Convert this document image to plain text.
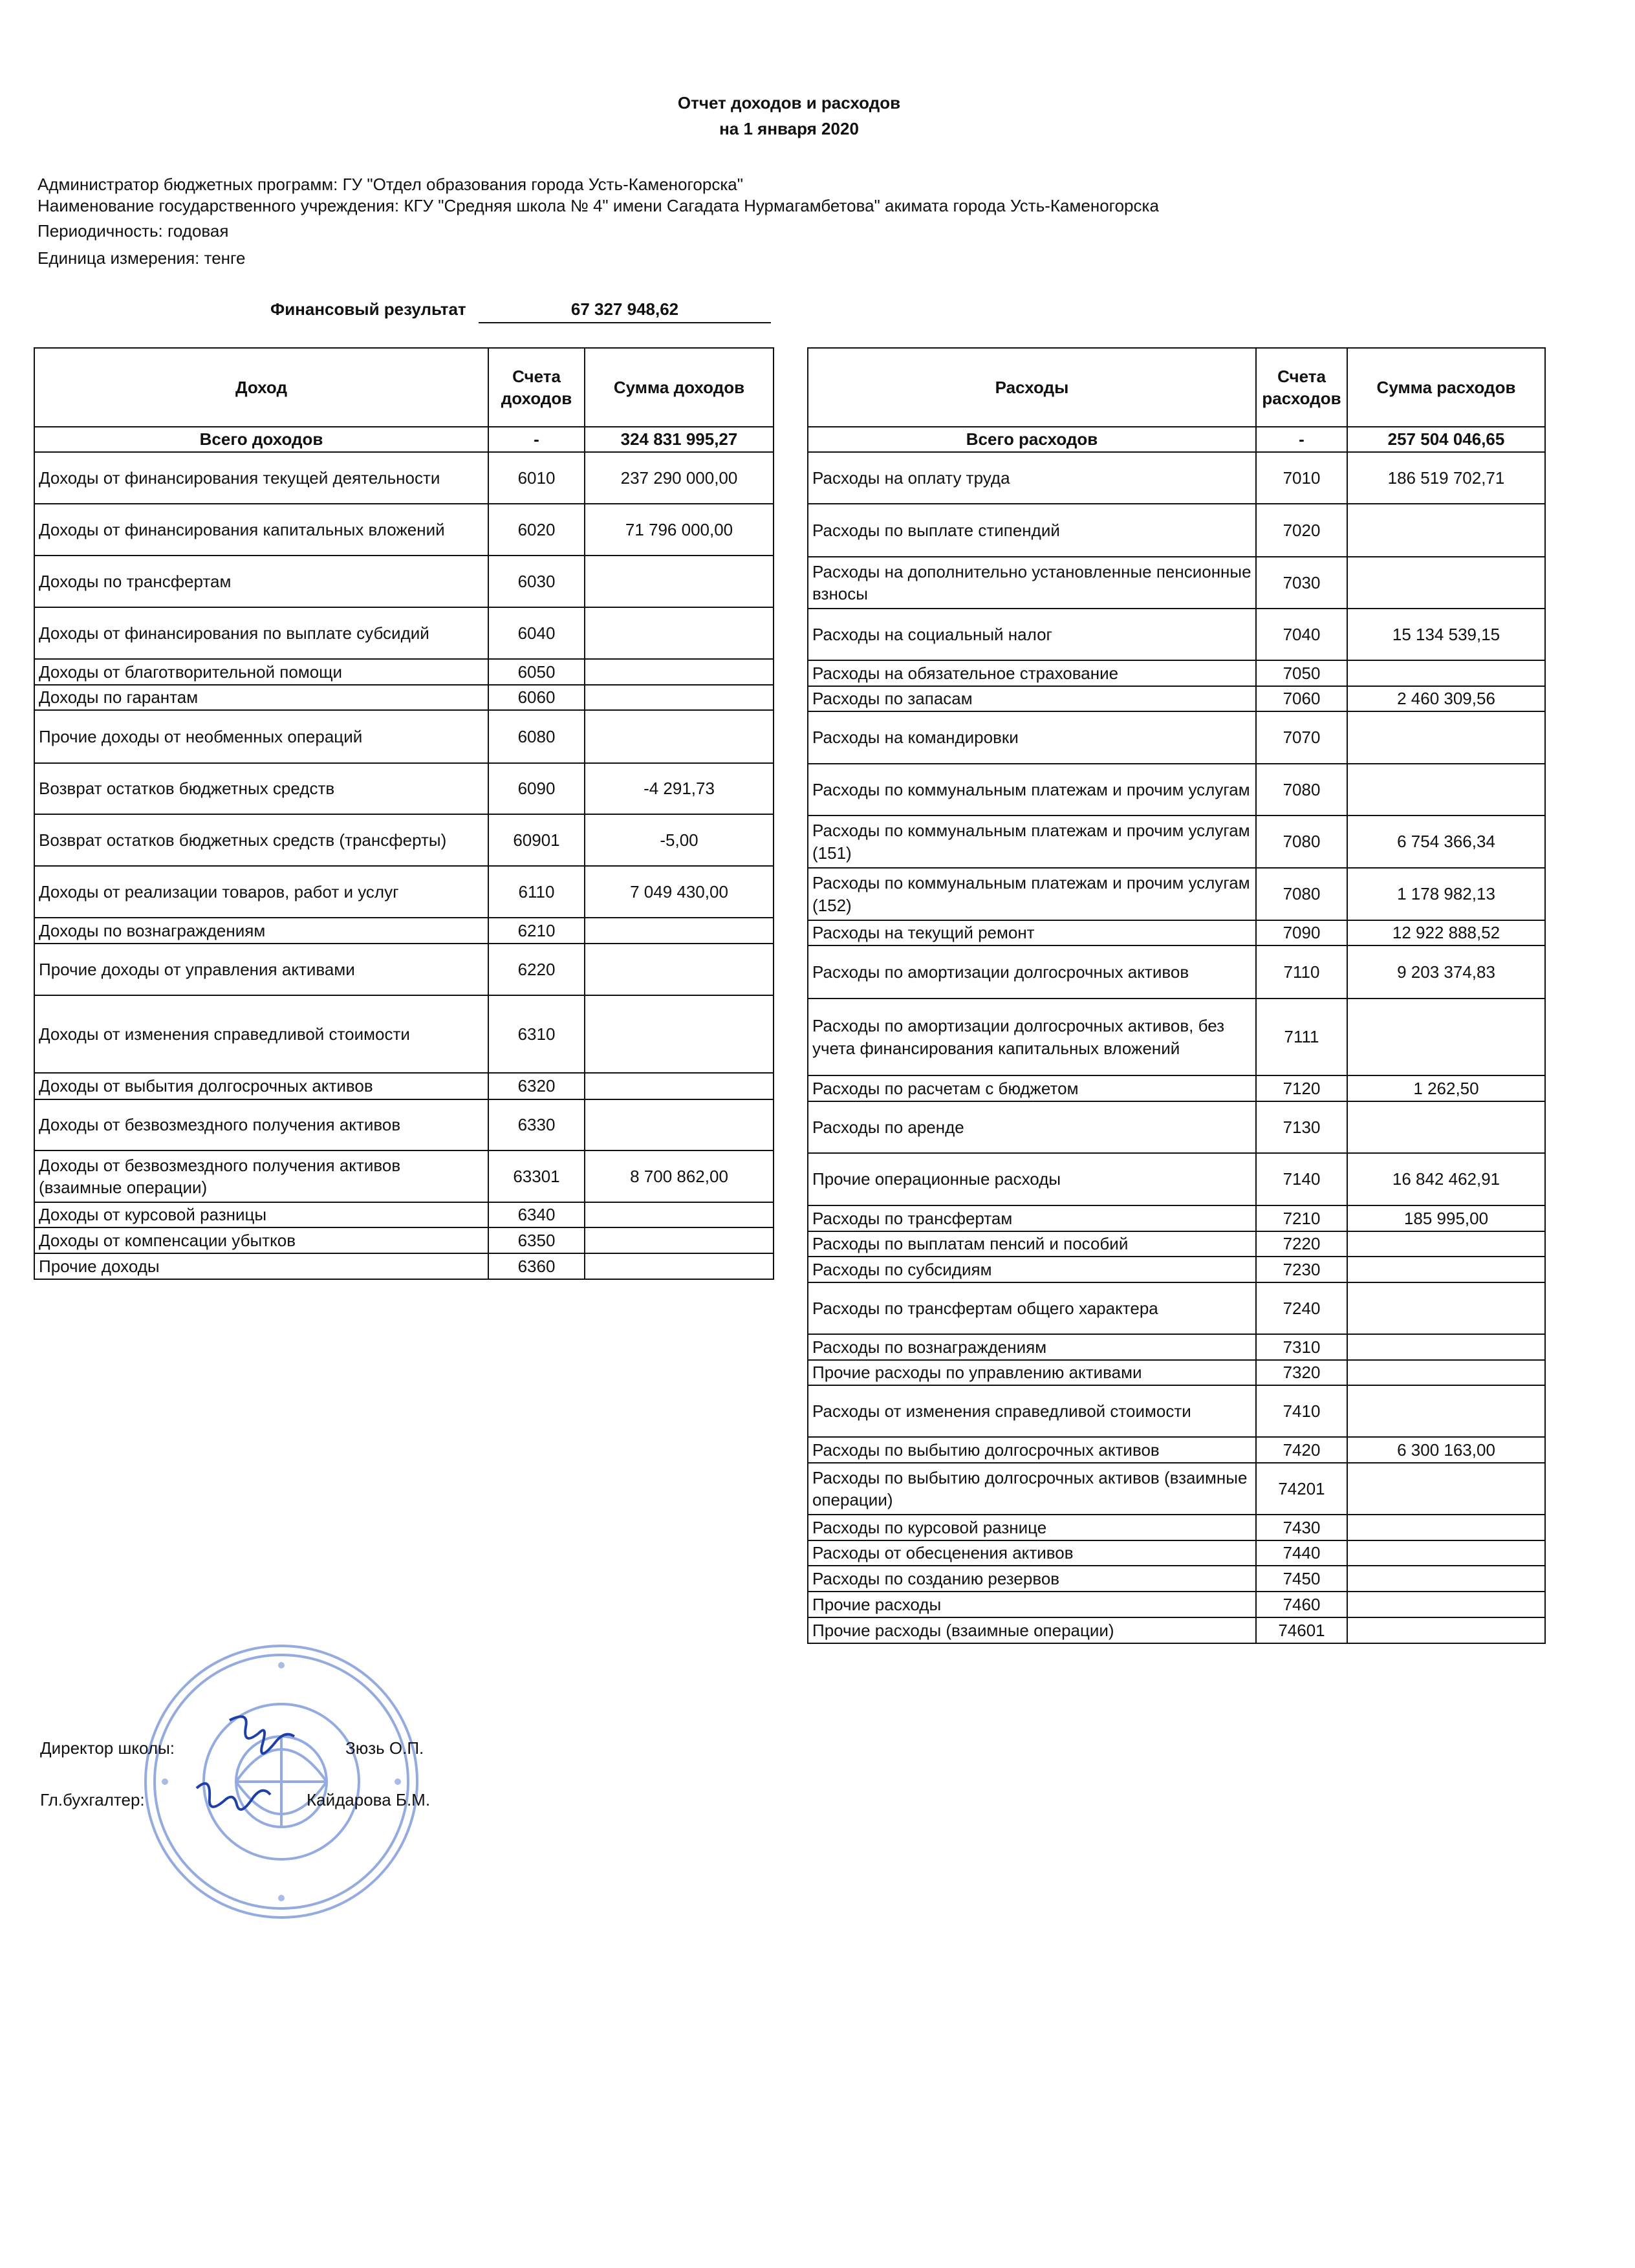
Отчет доходов и расходов
на 1 января 2020
Администратор бюджетных программ: ГУ "Отдел образования города Усть-Каменогорска"
Наименование государственного учреждения: КГУ "Средняя школа № 4" имени Сагадата Нурмагамбетова" акимата города Усть-Каменогорска
Периодичность: годовая
Единица измерения: тенге
Финансовый результат	67 327 948,62
Доход	Счета доходов	Сумма доходов
Всего доходов	-	324 831 995,27
Доходы от финансирования текущей деятельности	6010	237 290 000,00
Доходы от финансирования капитальных вложений	6020	71 796 000,00
Доходы по трансфертам	6030	
Доходы от финансирования по выплате субсидий	6040	
Доходы от благотворительной помощи	6050	
Доходы по гарантам	6060	
Прочие доходы от необменных операций	6080	
Возврат остатков бюджетных средств 	6090	-4 291,73
Возврат остатков бюджетных средств (трансферты)	60901	-5,00
Доходы от реализации товаров, работ и услуг	6110	7 049 430,00
Доходы по вознаграждениям	6210	
Прочие доходы от управления активами	6220	
Доходы от изменения справедливой стоимости	6310	
Доходы от выбытия долгосрочных активов	6320	
Доходы от безвозмездного получения активов	6330	
Доходы от безвозмездного получения активов (взаимные операции)	63301	8 700 862,00
Доходы от курсовой разницы	6340	
Доходы от компенсации убытков	6350	
Прочие доходы	6360	
Расходы	Счета расходов	Сумма расходов
Всего расходов	-	257 504 046,65
Расходы на оплату труда	7010	186 519 702,71
Расходы по выплате стипендий	7020	
Расходы на дополнительно установленные пенсионные взносы	7030	
Расходы на социальный налог	7040	15 134 539,15
Расходы на обязательное страхование	7050	
Расходы по запасам	7060	2 460 309,56
Расходы на командировки 	7070	
Расходы по коммунальным платежам и прочим услугам	7080	
Расходы по коммунальным платежам и прочим услугам (151)	7080	6 754 366,34
Расходы по коммунальным платежам и прочим услугам (152)	7080	1 178 982,13
Расходы на текущий ремонт	7090	12 922 888,52
Расходы по амортизации долгосрочных активов	7110	9 203 374,83
Расходы по амортизации долгосрочных активов, без учета финансирования капитальных вложений	7111	
Расходы по расчетам с бюджетом	7120	1 262,50
Расходы по аренде	7130	
Прочие операционные расходы	7140	16 842 462,91
Расходы по трансфертам	7210	185 995,00
Расходы по выплатам пенсий и пособий	7220	
Расходы по субсидиям	7230	
Расходы по трансфертам общего характера	7240	
Расходы по вознаграждениям	7310	
Прочие расходы по управлению активами	7320	
Расходы от изменения справедливой стоимости	7410	
Расходы по выбытию долгосрочных активов	7420	6 300 163,00
Расходы по выбытию долгосрочных активов (взаимные операции)	74201	
Расходы по курсовой разнице	7430	
Расходы от обесценения активов	7440	
Расходы по созданию резервов	7450	
Прочие расходы	7460	
Прочие расходы (взаимные операции)	74601	
Директор школы:	Зюзь О.П.
Гл.бухгалтер:	Кайдарова Б.М.
